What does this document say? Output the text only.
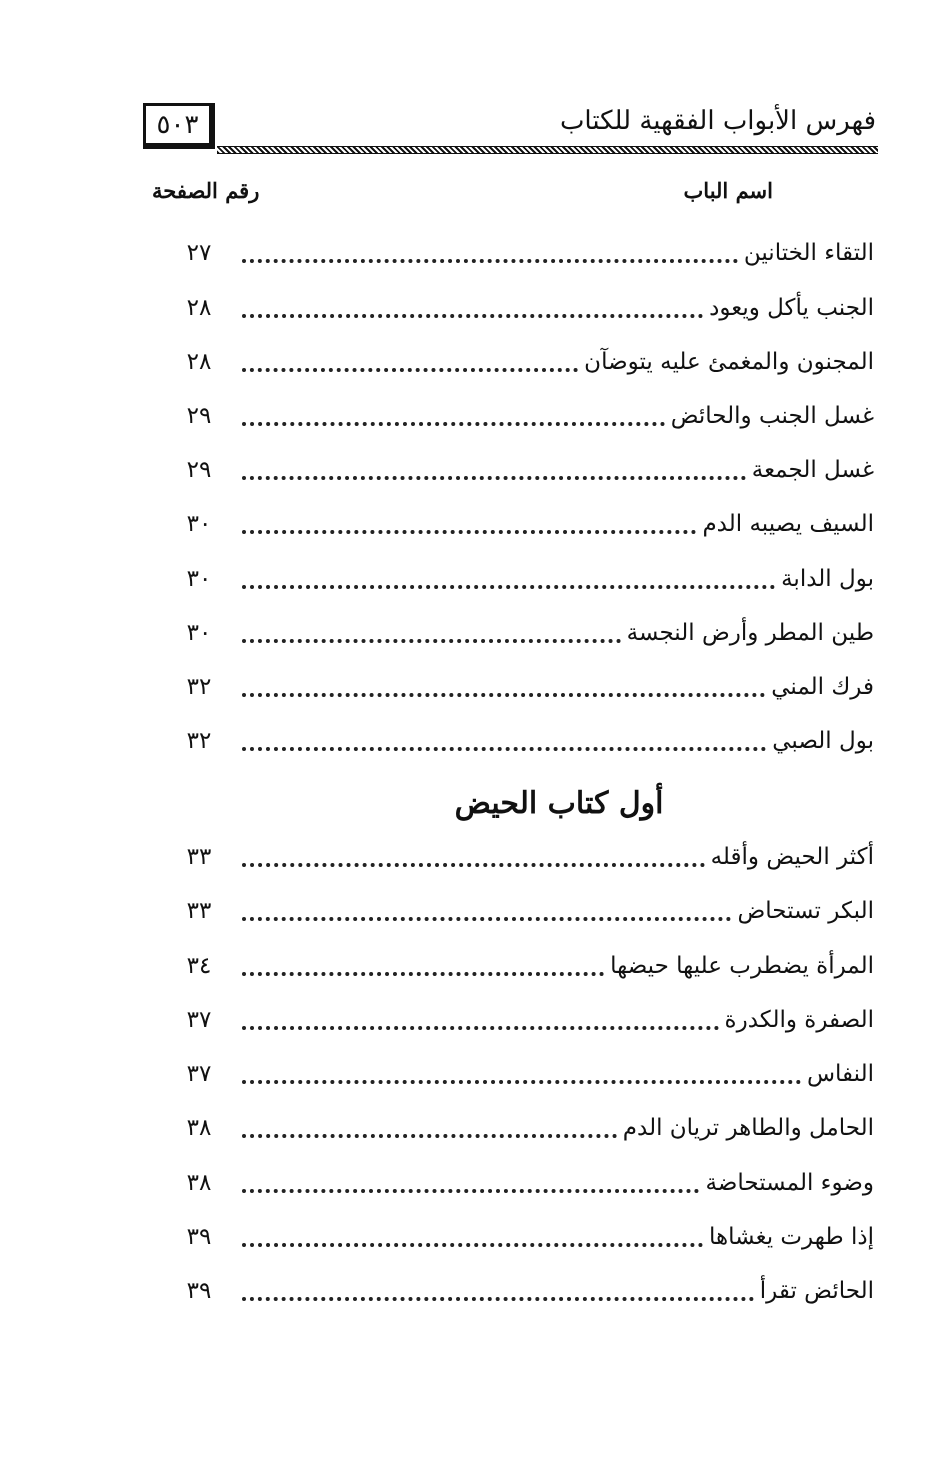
٥٠٣	فهرس الأبواب الفقهية للكتاب
اسم الباب
رقم الصفحة
التقاء الختانين
٢٧
الجنب يأكل ويعود
٢٨
المجنون والمغمئ عليه يتوضآن
٢٨
غسل الجنب والحائض
٢٩
غسل الجمعة
٢٩
السيف يصيبه الدم
٣٠
بول الدابة
٣٠
طين المطر وأرض النجسة
٣٠
فرك المني
٣٢
بول الصبي
٣٢
أول كتاب الحيض
أكثر الحيض وأقله
٣٣
البكر تستحاض
٣٣
المرأة يضطرب عليها حيضها
٣٤
الصفرة والكدرة
٣٧
النفاس
٣٧
الحامل والطاهر تريان الدم
٣٨
وضوء المستحاضة
٣٨
إذا طهرت يغشاها
٣٩
الحائض تقرأ
٣٩
